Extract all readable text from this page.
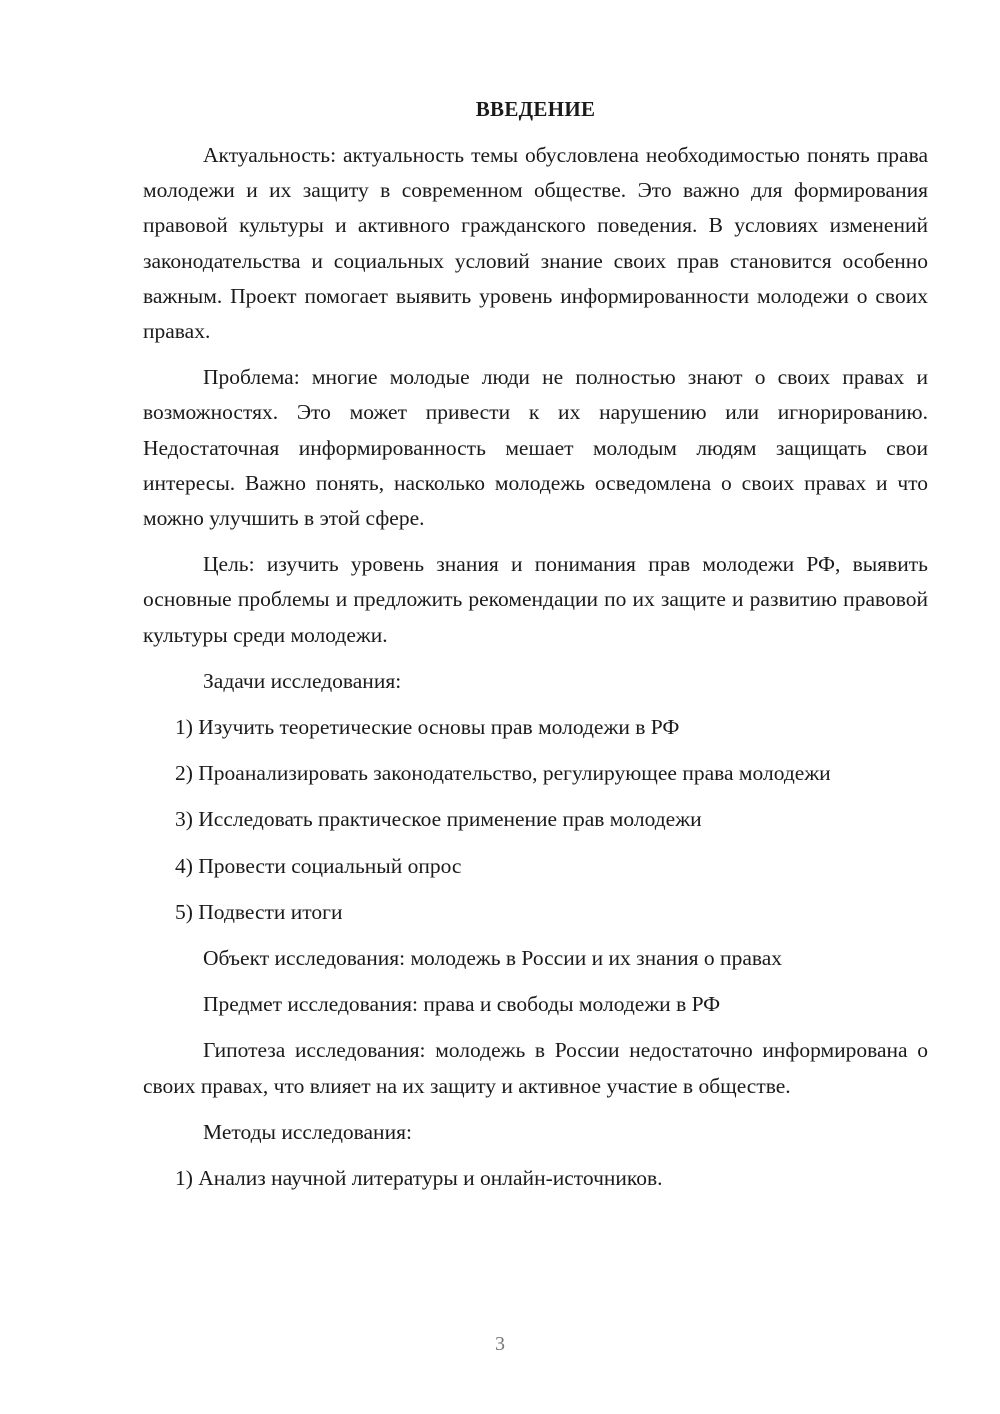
ВВЕДЕНИЕ
Актуальность: актуальность темы обусловлена необходимостью понять права молодежи и их защиту в современном обществе. Это важно для формирования правовой культуры и активного гражданского поведения. В условиях изменений законодательства и социальных условий знание своих прав становится особенно важным. Проект помогает выявить уровень информированности молодежи о своих правах.
Проблема: многие молодые люди не полностью знают о своих правах и возможностях. Это может привести к их нарушению или игнорированию. Недостаточная информированность мешает молодым людям защищать свои интересы. Важно понять, насколько молодежь осведомлена о своих правах и что можно улучшить в этой сфере.
Цель: изучить уровень знания и понимания прав молодежи РФ, выявить основные проблемы и предложить рекомендации по их защите и развитию правовой культуры среди молодежи.
Задачи исследования:
1) Изучить теоретические основы прав молодежи в РФ
2) Проанализировать законодательство, регулирующее права молодежи
3) Исследовать практическое применение прав молодежи
4) Провести социальный опрос
5) Подвести итоги
Объект исследования: молодежь в России и их знания о правах
Предмет исследования: права и свободы молодежи в РФ
Гипотеза исследования: молодежь в России недостаточно информирована о своих правах, что влияет на их защиту и активное участие в обществе.
Методы исследования:
1) Анализ научной литературы и онлайн-источников.
3
